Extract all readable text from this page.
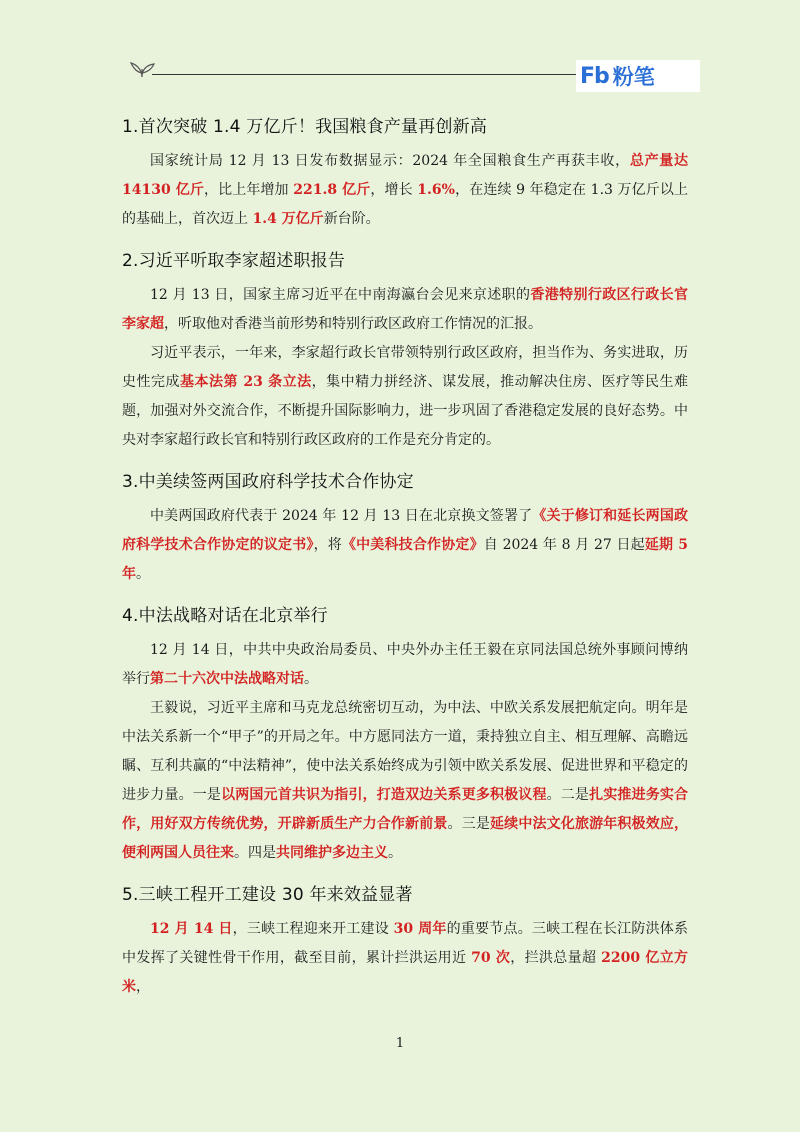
Fb 粉笔
1.首次突破 1.4 万亿斤！我国粮食产量再创新高

国家统计局 12 月 13 日发布数据显示：2024 年全国粮食生产再获丰收，总产量达 14130 亿斤，比上年增加 221.8 亿斤，增长 1.6%，在连续 9 年稳定在 1.3 万亿斤以上的基础上，首次迈上 1.4 万亿斤新台阶。

2.习近平听取李家超述职报告

12 月 13 日，国家主席习近平在中南海瀛台会见来京述职的香港特别行政区行政长官李家超，听取他对香港当前形势和特别行政区政府工作情况的汇报。

习近平表示，一年来，李家超行政长官带领特别行政区政府，担当作为、务实进取，历史性完成基本法第 23 条立法，集中精力拼经济、谋发展，推动解决住房、医疗等民生难题，加强对外交流合作，不断提升国际影响力，进一步巩固了香港稳定发展的良好态势。中央对李家超行政长官和特别行政区政府的工作是充分肯定的。

3.中美续签两国政府科学技术合作协定

中美两国政府代表于 2024 年 12 月 13 日在北京换文签署了《关于修订和延长两国政府科学技术合作协定的议定书》，将《中美科技合作协定》自 2024 年 8 月 27 日起延期 5 年。

4.中法战略对话在北京举行

12 月 14 日，中共中央政治局委员、中央外办主任王毅在京同法国总统外事顾问博纳举行第二十六次中法战略对话。

王毅说，习近平主席和马克龙总统密切互动，为中法、中欧关系发展把航定向。明年是中法关系新一个“甲子”的开局之年。中方愿同法方一道，秉持独立自主、相互理解、高瞻远瞩、互利共赢的“中法精神”，使中法关系始终成为引领中欧关系发展、促进世界和平稳定的进步力量。一是以两国元首共识为指引，打造双边关系更多积极议程。二是扎实推进务实合作，用好双方传统优势，开辟新质生产力合作新前景。三是延续中法文化旅游年积极效应，便利两国人员往来。四是共同维护多边主义。

5.三峡工程开工建设 30 年来效益显著

12 月 14 日，三峡工程迎来开工建设 30 周年的重要节点。三峡工程在长江防洪体系中发挥了关键性骨干作用，截至目前，累计拦洪运用近 70 次，拦洪总量超 2200 亿立方米，

1
